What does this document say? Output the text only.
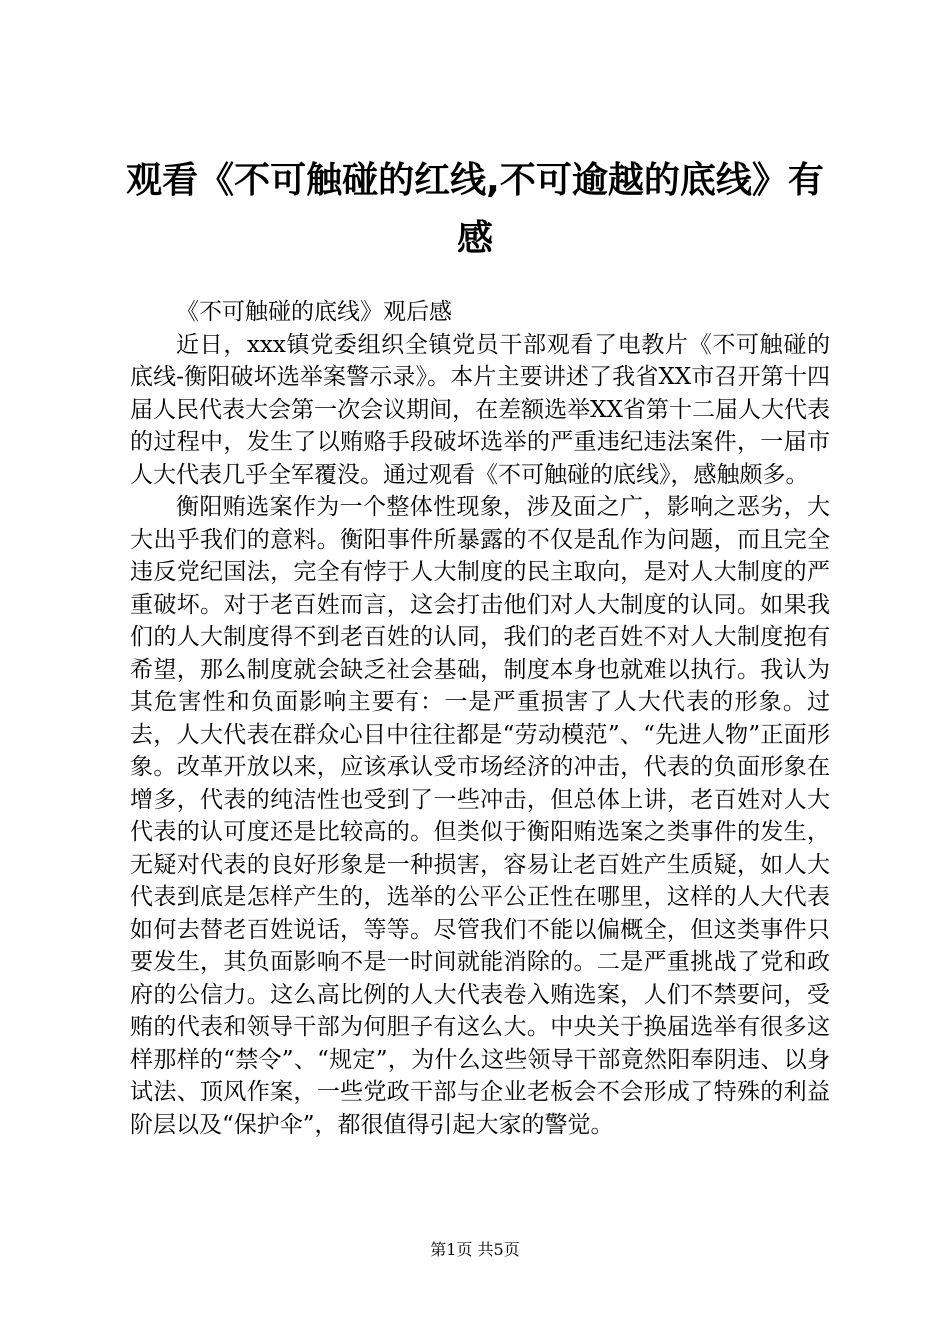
观看《不可触碰的红线,不可逾越的底线》有感

《不可触碰的底线》观后感

近日，xxx镇党委组织全镇党员干部观看了电教片《不可触碰的底线-衡阳破坏选举案警示录》。本片主要讲述了我省XX市召开第十四届人民代表大会第一次会议期间，在差额选举XX省第十二届人大代表的过程中，发生了以贿赂手段破坏选举的严重违纪违法案件，一届市人大代表几乎全军覆没。通过观看《不可触碰的底线》，感触颇多。

衡阳贿选案作为一个整体性现象，涉及面之广，影响之恶劣，大大出乎我们的意料。衡阳事件所暴露的不仅是乱作为问题，而且完全违反党纪国法，完全有悖于人大制度的民主取向，是对人大制度的严重破坏。对于老百姓而言，这会打击他们对人大制度的认同。如果我们的人大制度得不到老百姓的认同，我们的老百姓不对人大制度抱有希望，那么制度就会缺乏社会基础，制度本身也就难以执行。我认为其危害性和负面影响主要有：一是严重损害了人大代表的形象。过去，人大代表在群众心目中往往都是“劳动模范”、“先进人物”正面形象。改革开放以来，应该承认受市场经济的冲击，代表的负面形象在增多，代表的纯洁性也受到了一些冲击，但总体上讲，老百姓对人大代表的认可度还是比较高的。但类似于衡阳贿选案之类事件的发生，无疑对代表的良好形象是一种损害，容易让老百姓产生质疑，如人大代表到底是怎样产生的，选举的公平公正性在哪里，这样的人大代表如何去替老百姓说话，等等。尽管我们不能以偏概全，但这类事件只要发生，其负面影响不是一时间就能消除的。二是严重挑战了党和政府的公信力。这么高比例的人大代表卷入贿选案，人们不禁要问，受贿的代表和领导干部为何胆子有这么大。中央关于换届选举有很多这样那样的“禁令”、“规定”，为什么这些领导干部竟然阳奉阴违、以身试法、顶风作案，一些党政干部与企业老板会不会形成了特殊的利益阶层以及“保护伞”，都很值得引起大家的警觉。

第1页 共5页
